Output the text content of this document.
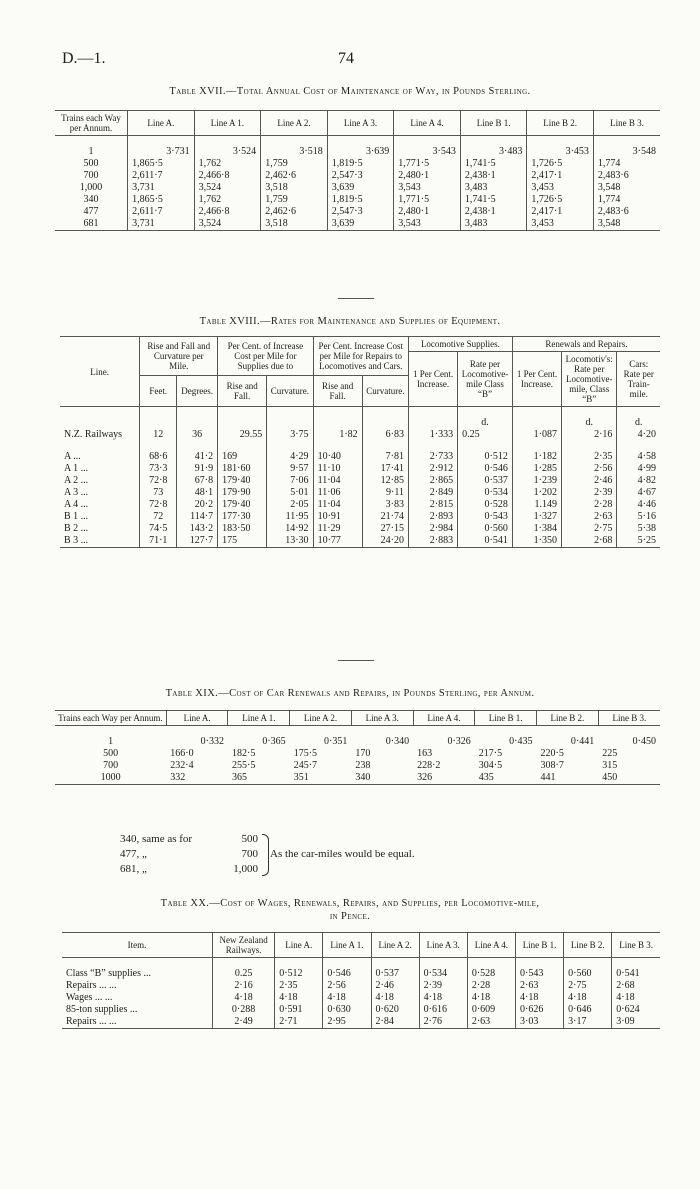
D.—1.	74
Table XVII.—Total Annual Cost of Maintenance of Way, in Pounds Sterling.
Trains each Way per Annum.	Line A.	Line A 1.	Line A 2.	Line A 3.	Line A 4.	Line B 1.	Line B 2.	Line B 3.

1	3·731	3·524	3·518	3·639	3·543	3·483	3·453	3·548
500	1,865·5	1,762	1,759	1,819·5	1,771·5	1,741·5	1,726·5	1,774
700	2,611·7	2,466·8	2,462·6	2,547·3	2,480·1	2,438·1	2,417·1	2,483·6
1,000	3,731	3,524	3,518	3,639	3,543	3,483	3,453	3,548
340	1,865·5	1,762	1,759	1,819·5	1,771·5	1,741·5	1,726·5	1,774
477	2,611·7	2,466·8	2,462·6	2,547·3	2,480·1	2,438·1	2,417·1	2,483·6
681	3,731	3,524	3,518	3,639	3,543	3,483	3,453	3,548
Table XVIII.—Rates for Maintenance and Supplies of Equipment.
Line.	Rise and Fall and Curvature per Mile.		Per Cent. of Increase Cost per Mile for Supplies due to		Per Cent. Increase Cost per Mile for Repairs to Locomotives and Cars.		Locomotive Supplies.		Renewals and Repairs.		
							1 Per Cent. Increase.	Rate per Locomotive-mile Class “B”	1 Per Cent. Increase.	Locomotiv's: Rate per Locomotive-mile, Class “B”	Cars: Rate per Train-mile.
	Feet.	Degrees.	Rise and Fall.	Curvature.	Rise and Fall.	Curvature.					

								d.		d.	d.
N.Z. Railways	12	36	29.55	3·75	1·82	6·83	1·333	0.25	1·087	2·16	4·20

A ...	68·6	41·2	169	4·29	10·40	7·81	2·733	0·512	1·182	2·35	4·58
A 1 ...	73·3	91·9	181·60	9·57	11·10	17·41	2·912	0·546	1·285	2·56	4·99
A 2 ...	72·8	67·8	179·40	7·06	11·04	12·85	2·865	0·537	1·239	2·46	4·82
A 3 ...	73	48·1	179·90	5·01	11·06	9·11	2·849	0·534	1·202	2·39	4·67
A 4 ...	72·8	20·2	179·40	2·05	11·04	3·83	2·815	0·528	1.149	2·28	4·46
B 1 ...	72	114·7	177·30	11·95	10·91	21·74	2·893	0·543	1·327	2·63	5·16
B 2 ...	74·5	143·2	183·50	14·92	11·29	27·15	2·984	0·560	1·384	2·75	5·38
B 3 ...	71·1	127·7	175	13·30	10·77	24·20	2·883	0·541	1·350	2·68	5·25
Table XIX.—Cost of Car Renewals and Repairs, in Pounds Sterling, per Annum.
Trains each Way per Annum.	Line A.	Line A 1.	Line A 2.	Line A 3.	Line A 4.	Line B 1.	Line B 2.	Line B 3.

1	0·332	0·365	0·351	0·340	0·326	0·435	0·441	0·450
500	166·0	182·5	175·5	170	163	217·5	220·5	225
700	232·4	255·5	245·7	238	228·2	304·5	308·7	315
1000	332	365	351	340	326	435	441	450
340, same as for	500
477, „	700 As the car-miles would be equal.
681, „	1,000
Table XX.—Cost of Wages, Renewals, Repairs, and Supplies, per Locomotive-mile,
in Pence.
Item.	New Zealand Railways.	Line A.	Line A 1.	Line A 2.	Line A 3.	Line A 4.	Line B 1.	Line B 2.	Line B 3.

Class “B” supplies ...	0.25	0·512	0·546	0·537	0·534	0·528	0·543	0·560	0·541
Repairs ... ...	2·16	2·35	2·56	2·46	2·39	2·28	2·63	2·75	2·68
Wages ... ...	4·18	4·18	4·18	4·18	4·18	4·18	4·18	4·18	4·18
85-ton supplies ...	0·288	0·591	0·630	0·620	0·616	0·609	0·626	0·646	0·624
Repairs ... ...	2·49	2·71	2·95	2·84	2·76	2·63	3·03	3·17	3·09
